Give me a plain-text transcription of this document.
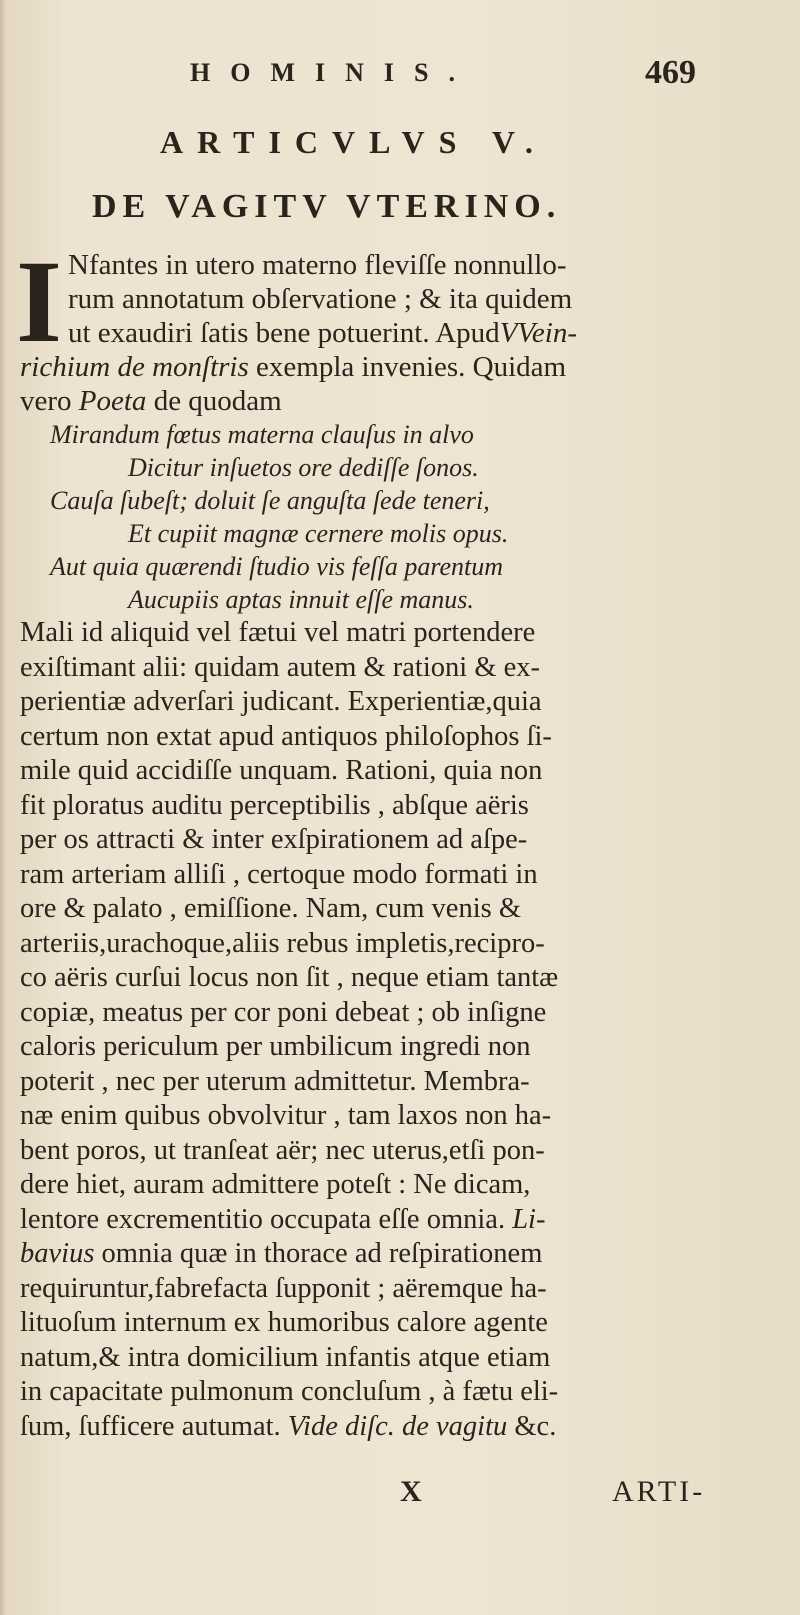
HOMINIS.	469
ARTICVLVS V.
DE VAGITV VTERINO.
I Nfantes in utero materno fleviſſe nonnullo-
rum annotatum obſervatione ; & ita quidem
ut exaudiri ſatis bene potuerint. ApudVVein-
richium de monſtris exempla invenies. Quidam
vero Poeta de quodam
Mirandum fœtus materna clauſus in alvo
Dicitur inſuetos ore dediſſe ſonos.
Cauſa ſubeſt; doluit ſe anguſta ſede teneri,
Et cupiit magnæ cernere molis opus.
Aut quia quærendi ſtudio vis feſſa parentum
Aucupiis aptas innuit eſſe manus.
Mali id aliquid vel fætui vel matri portendere
exiſtimant alii: quidam autem & rationi & ex-
perientiæ adverſari judicant. Experientiæ,quia
certum non extat apud antiquos philoſophos ſi-
mile quid accidiſſe unquam. Rationi, quia non
fit ploratus auditu perceptibilis , abſque aëris
per os attracti & inter exſpirationem ad aſpe-
ram arteriam alliſi , certoque modo formati in
ore & palato , emiſſione. Nam, cum venis &
arteriis,urachoque,aliis rebus impletis,recipro-
co aëris curſui locus non ſit , neque etiam tantæ
copiæ, meatus per cor poni debeat ; ob inſigne
caloris periculum per umbilicum ingredi non
poterit , nec per uterum admittetur. Membra-
næ enim quibus obvolvitur , tam laxos non ha-
bent poros, ut tranſeat aër; nec uterus,etſi pon-
dere hiet, auram admittere poteſt : Ne dicam,
lentore excrementitio occupata eſſe omnia. Li-
bavius omnia quæ in thorace ad reſpirationem
requiruntur,fabrefacta ſupponit ; aëremque ha-
lituoſum internum ex humoribus calore agente
natum,& intra domicilium infantis atque etiam
in capacitate pulmonum concluſum , à fætu eli-
ſum, ſufficere autumat. Vide diſc. de vagitu &c.
X	ARTI-
